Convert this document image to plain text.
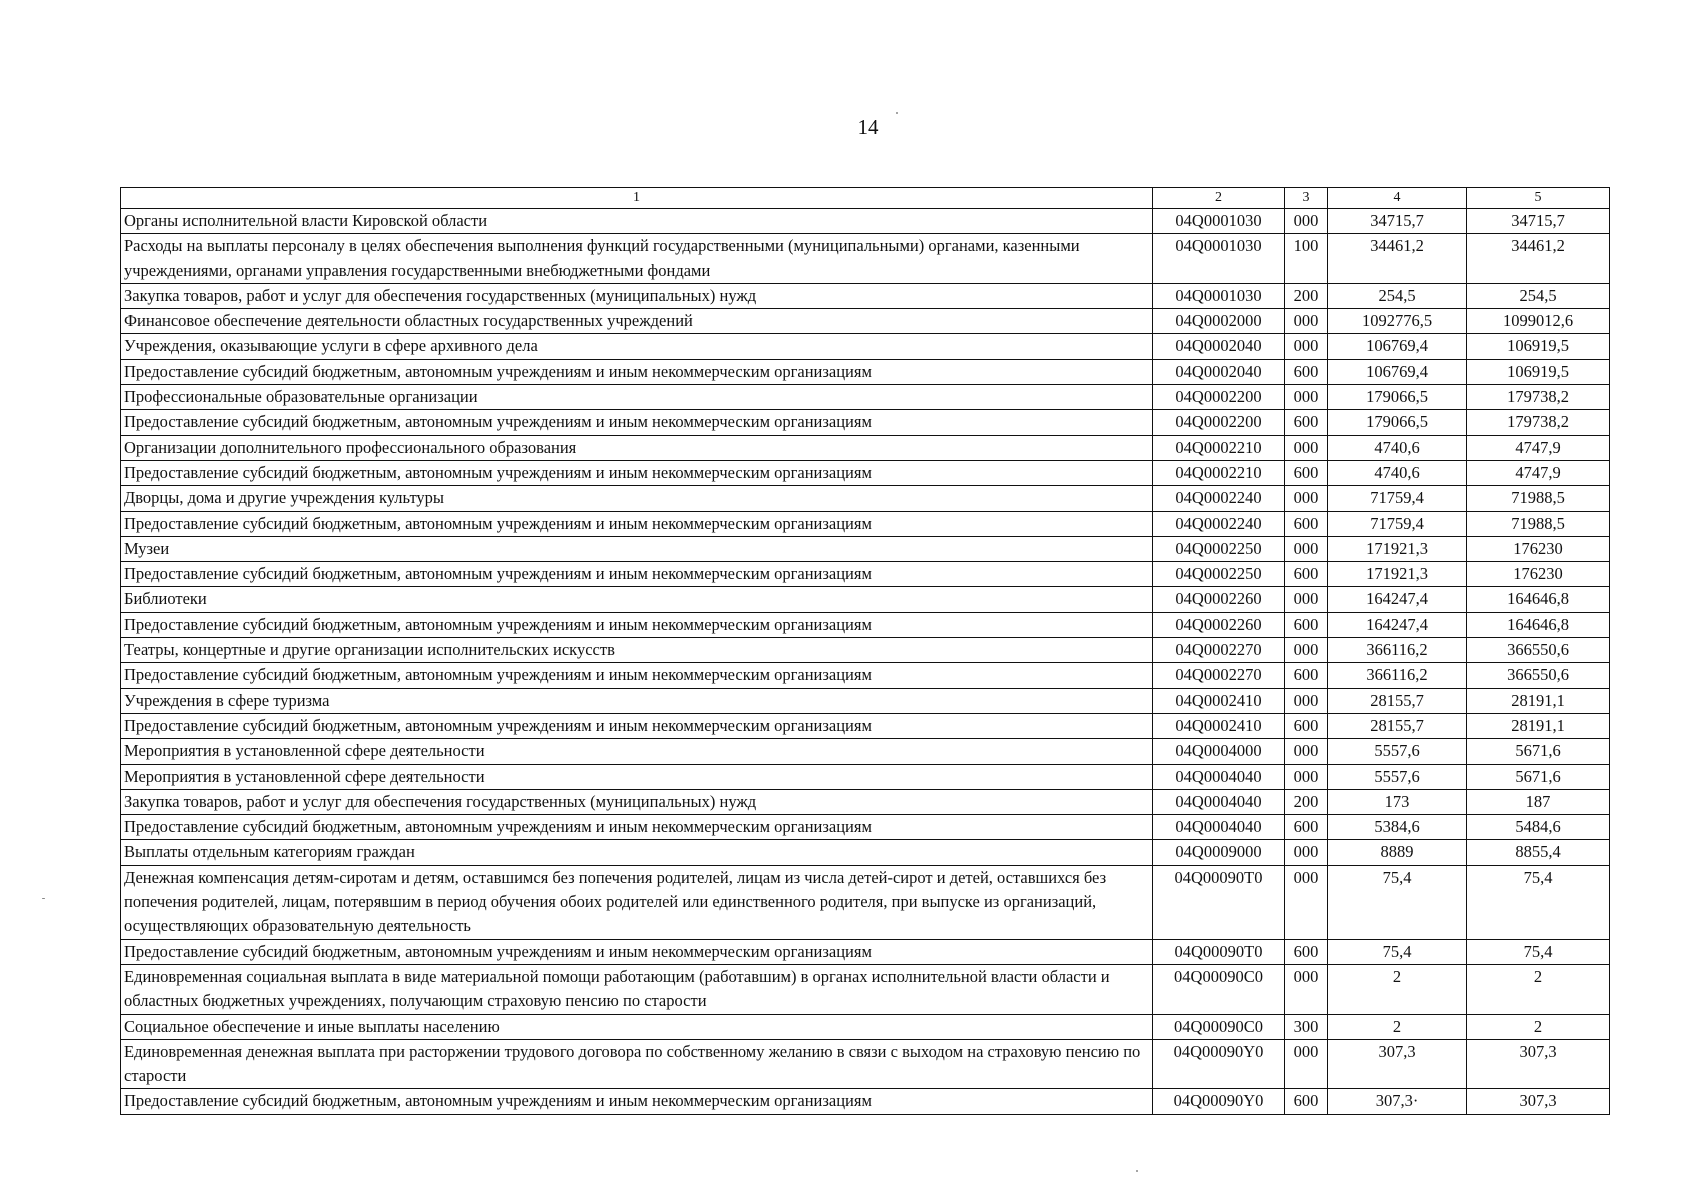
14
1	2	3	4	5
Органы исполнительной власти Кировской области	04Q0001030	000	34715,7	34715,7
Расходы на выплаты персоналу в целях обеспечения выполнения функций государственными (муниципальными) органами, казенными учреждениями, органами управления государственными внебюджетными фондами	04Q0001030	100	34461,2	34461,2
Закупка товаров, работ и услуг для обеспечения государственных (муниципальных) нужд	04Q0001030	200	254,5	254,5
Финансовое обеспечение деятельности областных государственных учреждений	04Q0002000	000	1092776,5	1099012,6
Учреждения, оказывающие услуги в сфере архивного дела	04Q0002040	000	106769,4	106919,5
Предоставление субсидий бюджетным, автономным учреждениям и иным некоммерческим организациям	04Q0002040	600	106769,4	106919,5
Профессиональные образовательные организации	04Q0002200	000	179066,5	179738,2
Предоставление субсидий бюджетным, автономным учреждениям и иным некоммерческим организациям	04Q0002200	600	179066,5	179738,2
Организации дополнительного профессионального образования	04Q0002210	000	4740,6	4747,9
Предоставление субсидий бюджетным, автономным учреждениям и иным некоммерческим организациям	04Q0002210	600	4740,6	4747,9
Дворцы, дома и другие учреждения культуры	04Q0002240	000	71759,4	71988,5
Предоставление субсидий бюджетным, автономным учреждениям и иным некоммерческим организациям	04Q0002240	600	71759,4	71988,5
Музеи	04Q0002250	000	171921,3	176230
Предоставление субсидий бюджетным, автономным учреждениям и иным некоммерческим организациям	04Q0002250	600	171921,3	176230
Библиотеки	04Q0002260	000	164247,4	164646,8
Предоставление субсидий бюджетным, автономным учреждениям и иным некоммерческим организациям	04Q0002260	600	164247,4	164646,8
Театры, концертные и другие организации исполнительских искусств	04Q0002270	000	366116,2	366550,6
Предоставление субсидий бюджетным, автономным учреждениям и иным некоммерческим организациям	04Q0002270	600	366116,2	366550,6
Учреждения в сфере туризма	04Q0002410	000	28155,7	28191,1
Предоставление субсидий бюджетным, автономным учреждениям и иным некоммерческим организациям	04Q0002410	600	28155,7	28191,1
Мероприятия в установленной сфере деятельности	04Q0004000	000	5557,6	5671,6
Мероприятия в установленной сфере деятельности	04Q0004040	000	5557,6	5671,6
Закупка товаров, работ и услуг для обеспечения государственных (муниципальных) нужд	04Q0004040	200	173	187
Предоставление субсидий бюджетным, автономным учреждениям и иным некоммерческим организациям	04Q0004040	600	5384,6	5484,6
Выплаты отдельным категориям граждан	04Q0009000	000	8889	8855,4
Денежная компенсация детям-сиротам и детям, оставшимся без попечения родителей, лицам из числа детей-сирот и детей, оставшихся без попечения родителей, лицам, потерявшим в период обучения обоих родителей или единственного родителя, при выпуске из организаций, осуществляющих образовательную деятельность	04Q00090T0	000	75,4	75,4
Предоставление субсидий бюджетным, автономным учреждениям и иным некоммерческим организациям	04Q00090T0	600	75,4	75,4
Единовременная социальная выплата в виде материальной помощи работающим (работавшим) в органах исполнительной власти области и областных бюджетных учреждениях, получающим страховую пенсию по старости	04Q00090C0	000	2	2
Социальное обеспечение и иные выплаты населению	04Q00090C0	300	2	2
Единовременная денежная выплата при расторжении трудового договора по собственному желанию в связи с выходом на страховую пенсию по старости	04Q00090Y0	000	307,3	307,3
Предоставление субсидий бюджетным, автономным учреждениям и иным некоммерческим организациям	04Q00090Y0	600	307,3·	307,3
